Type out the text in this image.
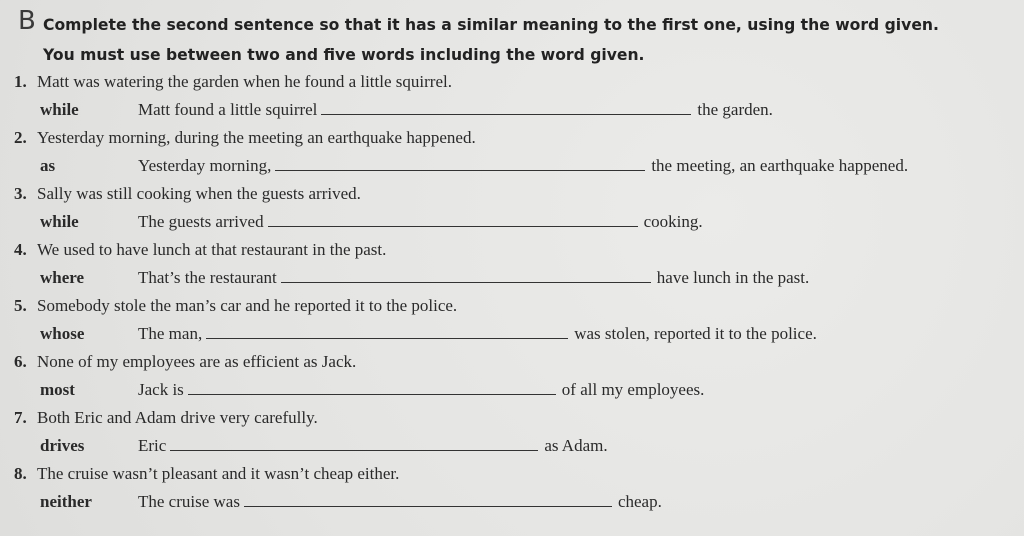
B Complete the second sentence so that it has a similar meaning to the first one, using the word given.
You must use between two and five words including the word given.
1. Matt was watering the garden when he found a little squirrel.
while	Matt found a little squirrel	the garden.
2. Yesterday morning, during the meeting an earthquake happened.
as	Yesterday morning,	the meeting, an earthquake happened.
3. Sally was still cooking when the guests arrived.
while	The guests arrived	cooking.
4. We used to have lunch at that restaurant in the past.
where	That’s the restaurant	have lunch in the past.
5. Somebody stole the man’s car and he reported it to the police.
whose	The man,	was stolen, reported it to the police.
6. None of my employees are as efficient as Jack.
most	Jack is	of all my employees.
7. Both Eric and Adam drive very carefully.
drives	Eric	as Adam.
8. The cruise wasn’t pleasant and it wasn’t cheap either.
neither	The cruise was	cheap.
